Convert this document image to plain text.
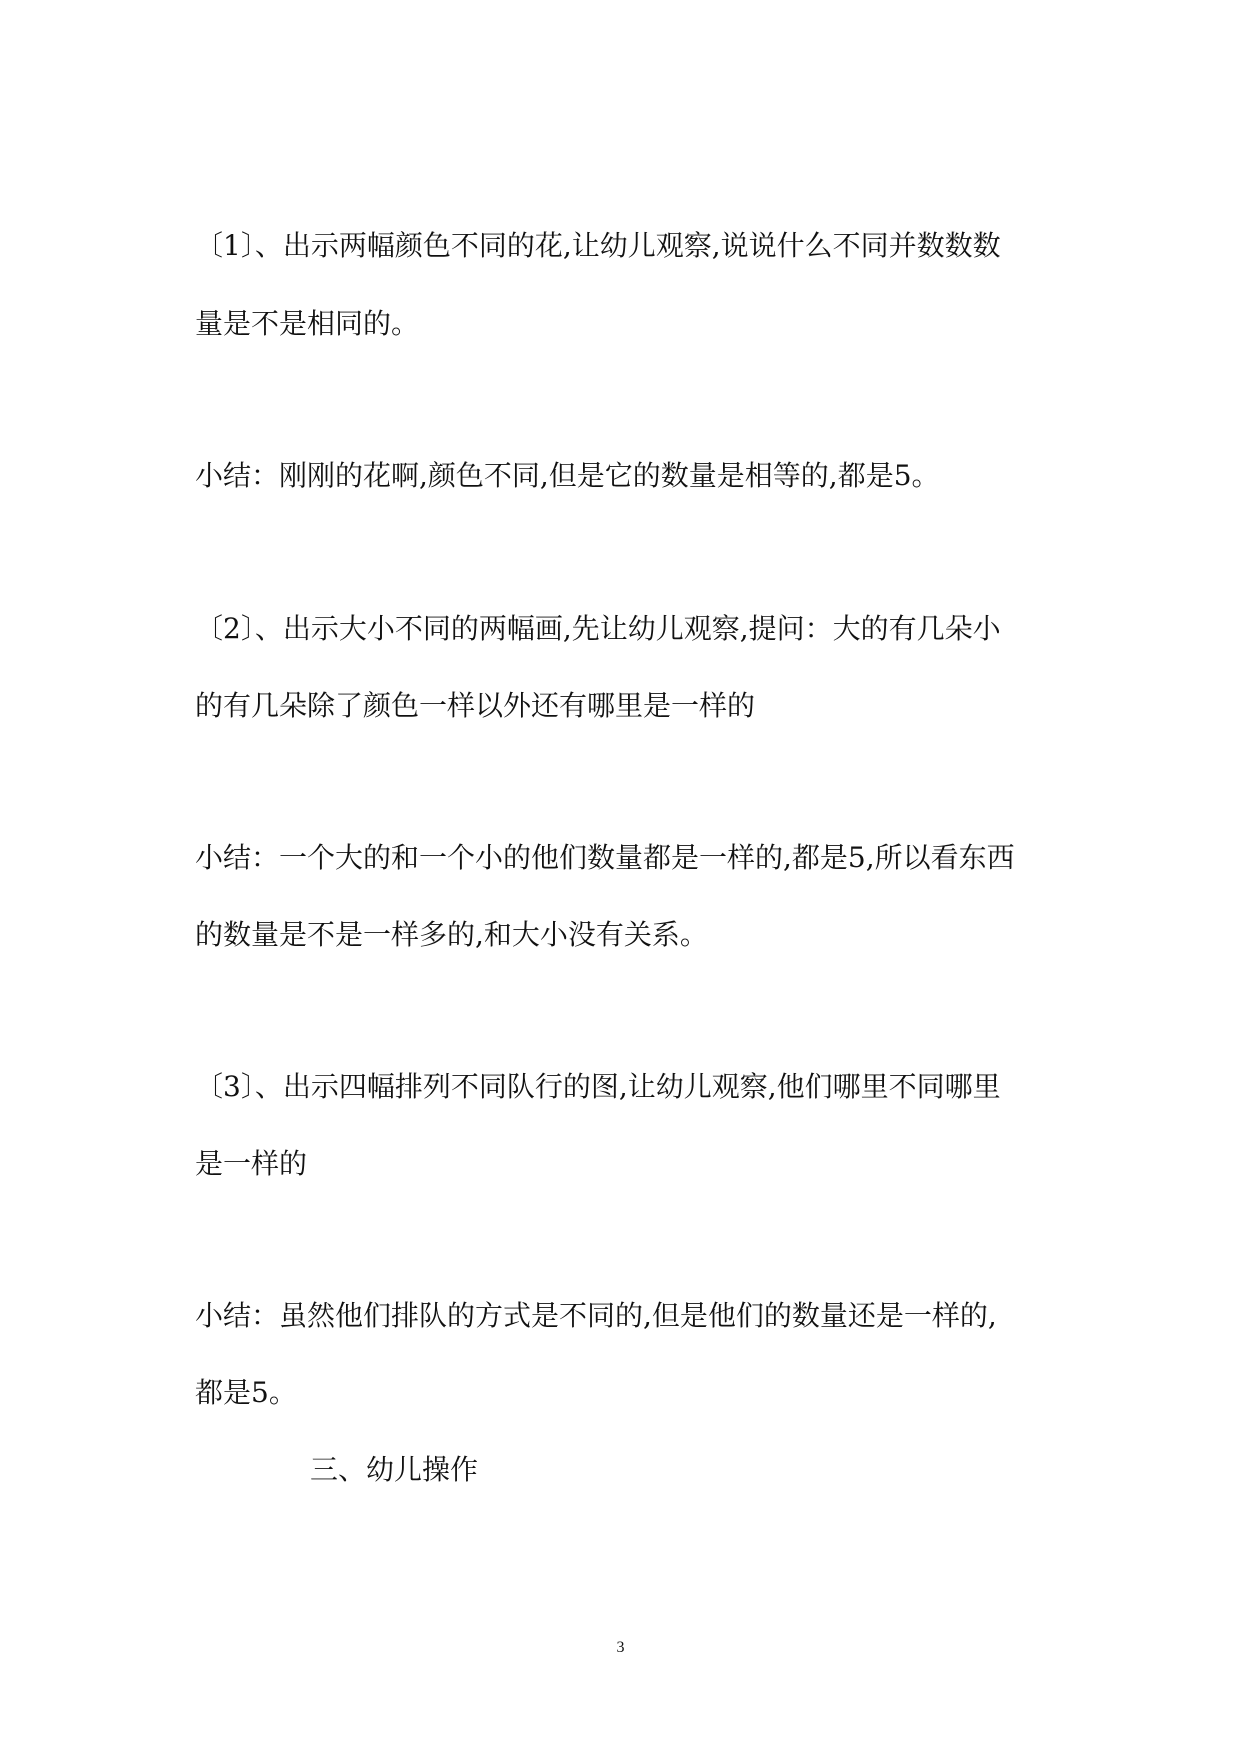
〔1〕、出示两幅颜色不同的花,让幼儿观察,说说什么不同并数数数
量是不是相同的。
小结：刚刚的花啊,颜色不同,但是它的数量是相等的,都是5。
〔2〕、出示大小不同的两幅画,先让幼儿观察,提问：大的有几朵小
的有几朵除了颜色一样以外还有哪里是一样的
小结：一个大的和一个小的他们数量都是一样的,都是5,所以看东西
的数量是不是一样多的,和大小没有关系。
〔3〕、出示四幅排列不同队行的图,让幼儿观察,他们哪里不同哪里
是一样的
小结：虽然他们排队的方式是不同的,但是他们的数量还是一样的,
都是5。
三、幼儿操作
3
